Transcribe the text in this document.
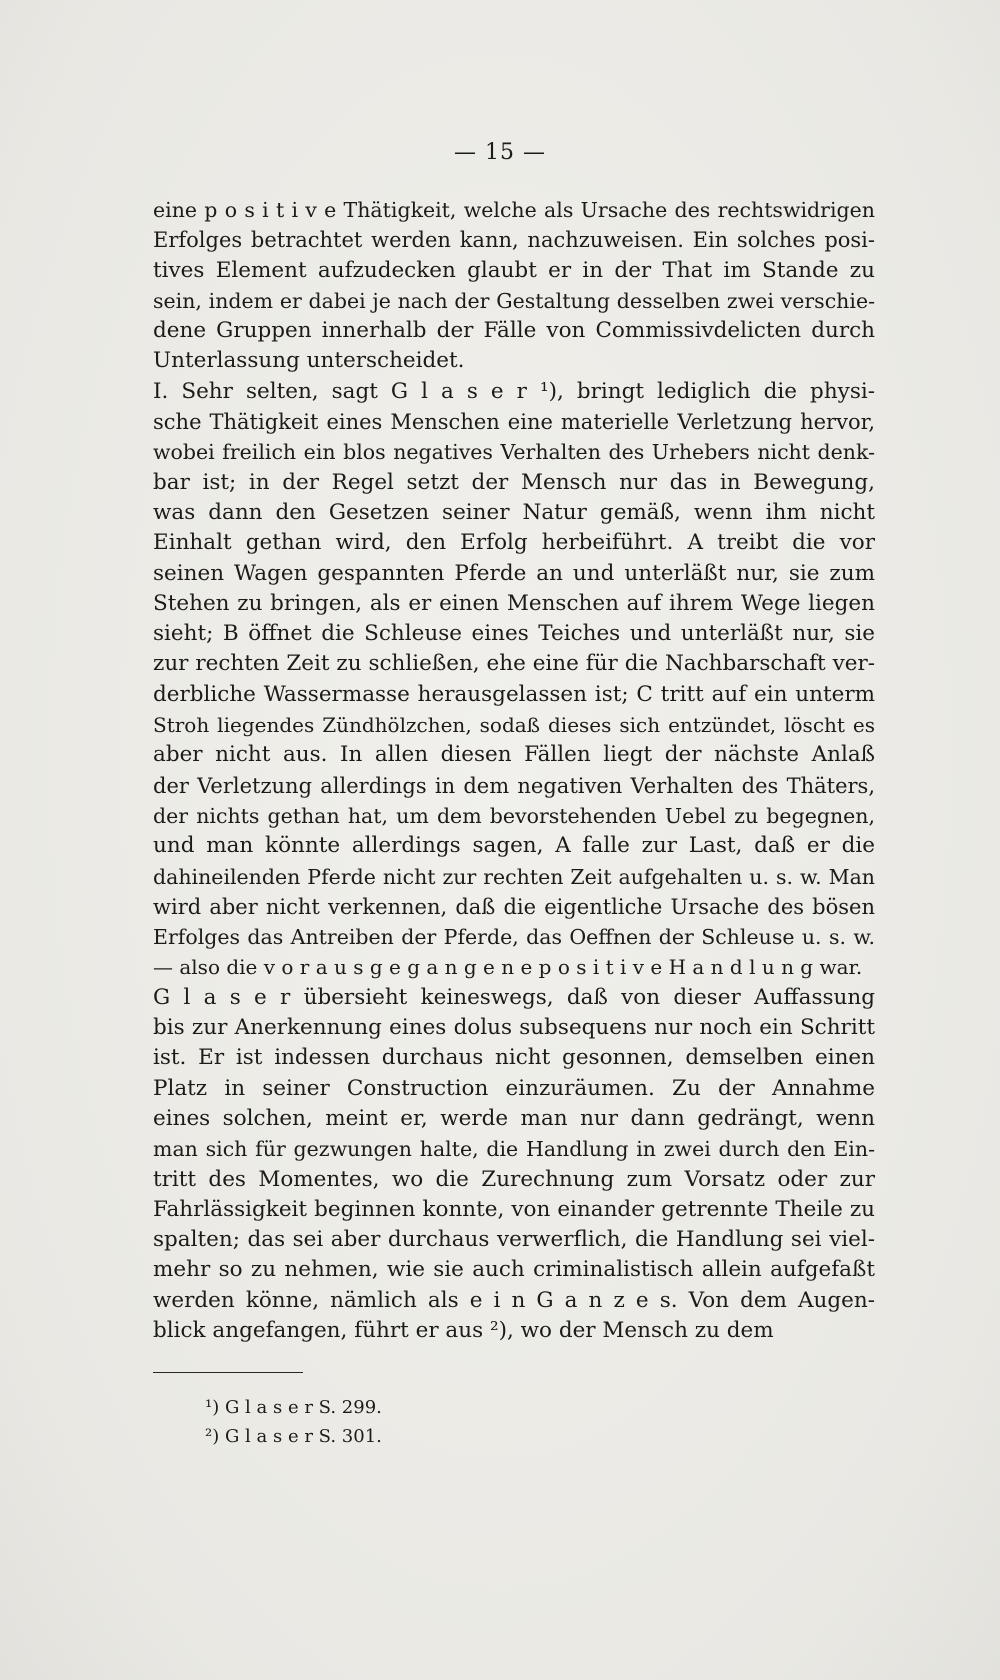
— 15 —
eine p o s i t i v e Thätigkeit, welche als Ursache des rechtswidrigen
Erfolges betrachtet werden kann, nachzuweisen. Ein solches posi-
tives Element aufzudecken glaubt er in der That im Stande zu
sein, indem er dabei je nach der Gestaltung desselben zwei verschie-
dene Gruppen innerhalb der Fälle von Commissivdelicten durch
Unterlassung unterscheidet.
I. Sehr selten, sagt G l a s e r ¹), bringt lediglich die physi-
sche Thätigkeit eines Menschen eine materielle Verletzung hervor,
wobei freilich ein blos negatives Verhalten des Urhebers nicht denk-
bar ist; in der Regel setzt der Mensch nur das in Bewegung,
was dann den Gesetzen seiner Natur gemäß, wenn ihm nicht
Einhalt gethan wird, den Erfolg herbeiführt. A treibt die vor
seinen Wagen gespannten Pferde an und unterläßt nur, sie zum
Stehen zu bringen, als er einen Menschen auf ihrem Wege liegen
sieht; B öffnet die Schleuse eines Teiches und unterläßt nur, sie
zur rechten Zeit zu schließen, ehe eine für die Nachbarschaft ver-
derbliche Wassermasse herausgelassen ist; C tritt auf ein unterm
Stroh liegendes Zündhölzchen, sodaß dieses sich entzündet, löscht es
aber nicht aus. In allen diesen Fällen liegt der nächste Anlaß
der Verletzung allerdings in dem negativen Verhalten des Thäters,
der nichts gethan hat, um dem bevorstehenden Uebel zu begegnen,
und man könnte allerdings sagen, A falle zur Last, daß er die
dahineilenden Pferde nicht zur rechten Zeit aufgehalten u. s. w. Man
wird aber nicht verkennen, daß die eigentliche Ursache des bösen
Erfolges das Antreiben der Pferde, das Oeffnen der Schleuse u. s. w.
— also die v o r a u s g e g a n g e n e p o s i t i v e H a n d l u n g war.
G l a s e r übersieht keineswegs, daß von dieser Auffassung
bis zur Anerkennung eines dolus subsequens nur noch ein Schritt
ist. Er ist indessen durchaus nicht gesonnen, demselben einen
Platz in seiner Construction einzuräumen. Zu der Annahme
eines solchen, meint er, werde man nur dann gedrängt, wenn
man sich für gezwungen halte, die Handlung in zwei durch den Ein-
tritt des Momentes, wo die Zurechnung zum Vorsatz oder zur
Fahrlässigkeit beginnen konnte, von einander getrennte Theile zu
spalten; das sei aber durchaus verwerflich, die Handlung sei viel-
mehr so zu nehmen, wie sie auch criminalistisch allein aufgefaßt
werden könne, nämlich als e i n G a n z e s. Von dem Augen-
blick angefangen, führt er aus ²), wo der Mensch zu dem
¹) G l a s e r S. 299.
²) G l a s e r S. 301.
